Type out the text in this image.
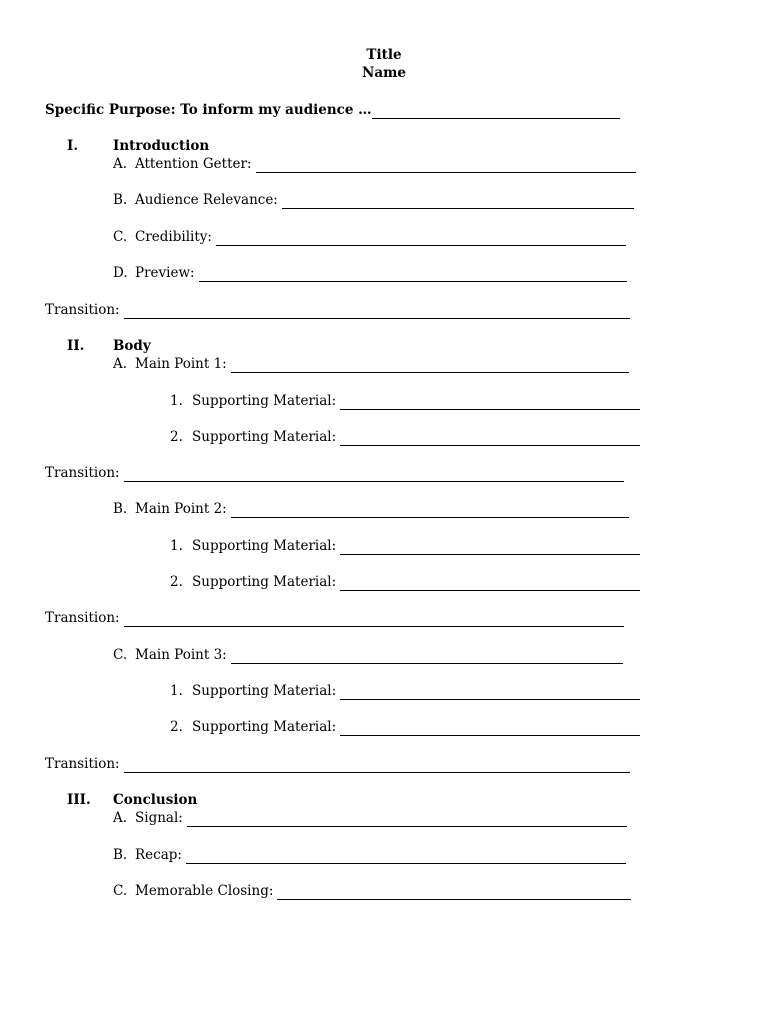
Title
Name
Specific Purpose: To inform my audience …
I.	Introduction
A. Attention Getter:
B. Audience Relevance:
C. Credibility:
D. Preview:
Transition:
II. Body
A. Main Point 1:
1. Supporting Material:
2. Supporting Material:
Transition:
B. Main Point 2:
1. Supporting Material:
2. Supporting Material:
Transition:
C. Main Point 3:
1. Supporting Material:
2. Supporting Material:
Transition:
III. Conclusion
A. Signal:
B. Recap:
C. Memorable Closing:
